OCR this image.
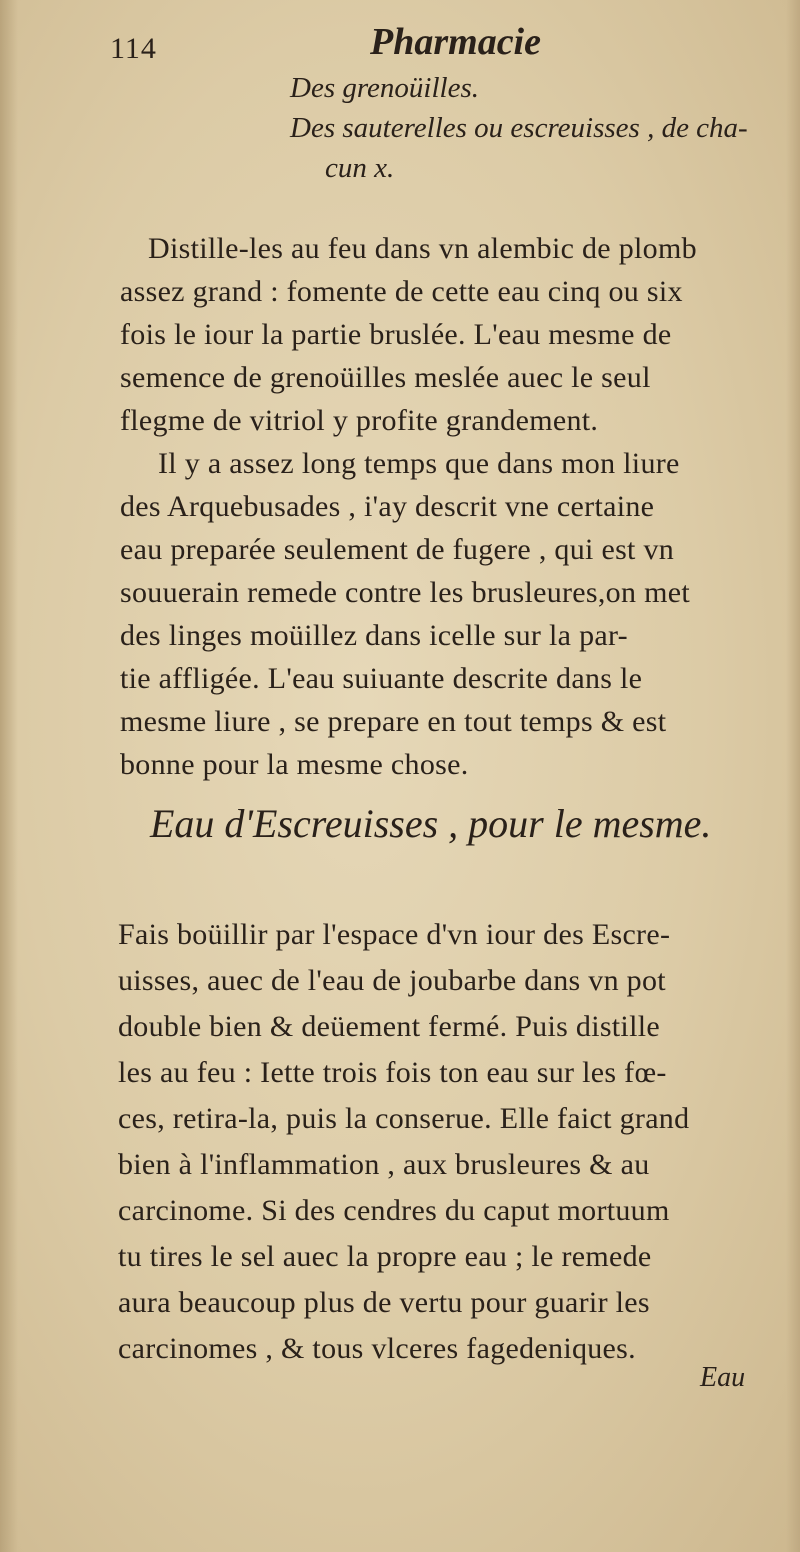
114	Pharmacie
Des grenoüilles.
Des sauterelles ou escreuisses , de cha-
cun x.
Distille-les au feu dans vn alembic de plomb
assez grand : fomente de cette eau cinq ou six
fois le iour la partie bruslée. L'eau mesme de
semence de grenoüilles meslée auec le seul
flegme de vitriol y profite grandement.
Il y a assez long temps que dans mon liure
des Arquebusades , i'ay descrit vne certaine
eau preparée seulement de fugere , qui est vn
souuerain remede contre les brusleures,on met
des linges moüillez dans icelle sur la par-
tie affligée. L'eau suiuante descrite dans le
mesme liure , se prepare en tout temps & est
bonne pour la mesme chose.
Eau d'Escreuisses , pour le mesme.
Fais boüillir par l'espace d'vn iour des Escre-
uisses, auec de l'eau de joubarbe dans vn pot
double bien & deüement fermé. Puis distille
les au feu : Iette trois fois ton eau sur les fœ-
ces, retira-la, puis la conserue. Elle faict grand
bien à l'inflammation , aux brusleures & au
carcinome. Si des cendres du caput mortuum
tu tires le sel auec la propre eau ; le remede
aura beaucoup plus de vertu pour guarir les
carcinomes , & tous vlceres fagedeniques.
Eau
